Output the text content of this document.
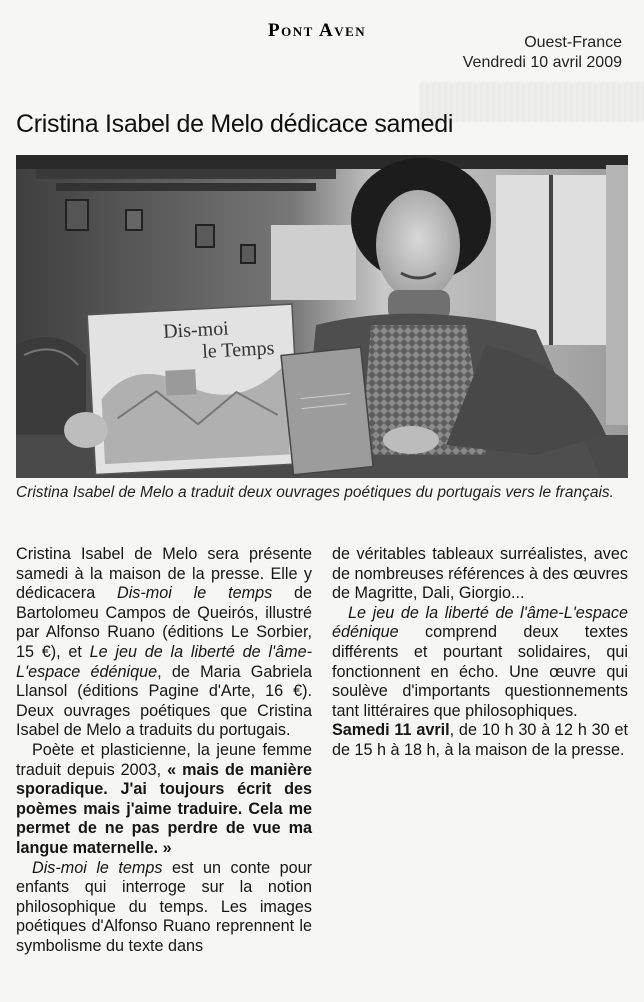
Pont Aven
Ouest-France
Vendredi 10 avril 2009
Cristina Isabel de Melo dédicace samedi
Dis-moi
le Temps

Cristina Isabel de Melo a traduit deux ouvrages poétiques du portugais vers le français.

Cristina Isabel de Melo sera présente samedi à la maison de la presse. Elle y dédicacera Dis-moi le temps de Bartolomeu Campos de Queirós, illustré par Alfonso Ruano (éditions Le Sorbier, 15 €), et Le jeu de la liberté de l'âme-L'espace édénique, de Maria Gabriela Llansol (éditions Pagine d'Arte, 16 €). Deux ouvrages poétiques que Cristina Isabel de Melo a traduits du portugais.

Poète et plasticienne, la jeune femme traduit depuis 2003, « mais de manière sporadique. J'ai toujours écrit des poèmes mais j'aime traduire. Cela me permet de ne pas perdre de vue ma langue maternelle. »

Dis-moi le temps est un conte pour enfants qui interroge sur la notion philosophique du temps. Les images poétiques d'Alfonso Ruano reprennent le symbolisme du texte dans

de véritables tableaux surréalistes, avec de nombreuses références à des œuvres de Magritte, Dali, Giorgio...

Le jeu de la liberté de l'âme-L'espace édénique comprend deux textes différents et pourtant solidaires, qui fonctionnent en écho. Une œuvre qui soulève d'importants questionnements tant littéraires que philosophiques.

Samedi 11 avril, de 10 h 30 à 12 h 30 et de 15 h à 18 h, à la maison de la presse.
